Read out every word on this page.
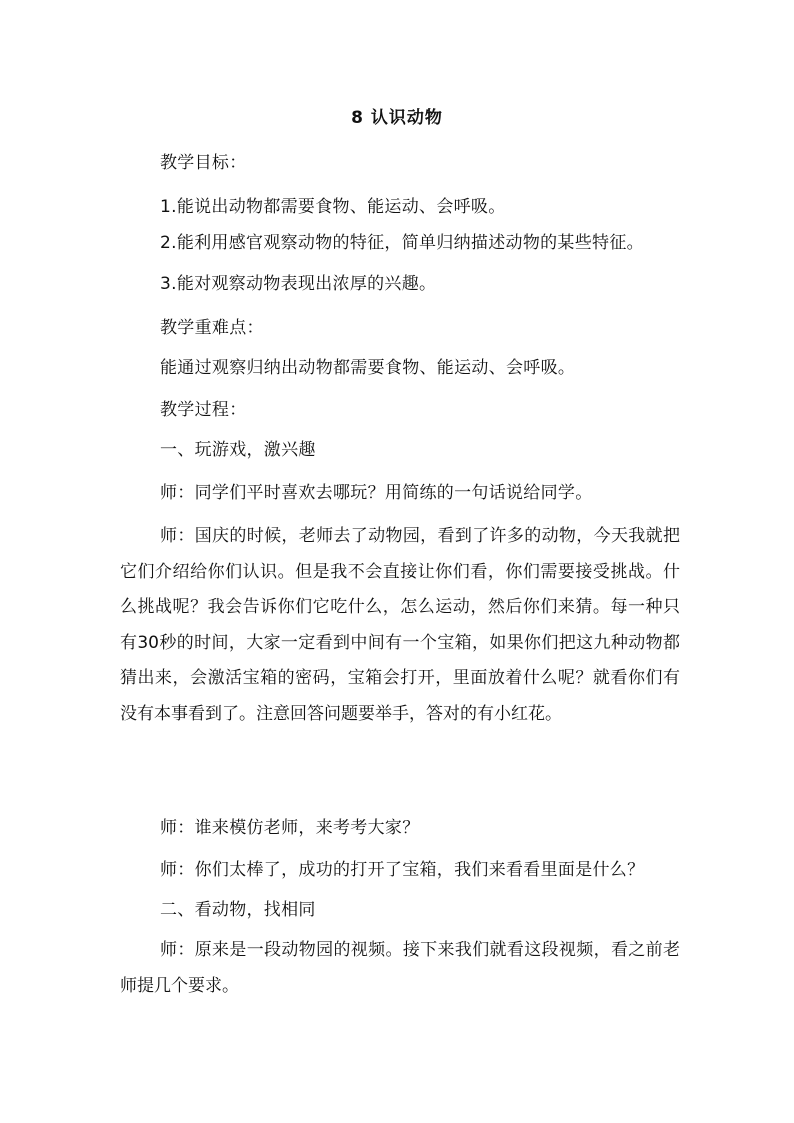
8 认识动物
教学目标：
1.能说出动物都需要食物、能运动、会呼吸。
2.能利用感官观察动物的特征，简单归纳描述动物的某些特征。
3.能对观察动物表现出浓厚的兴趣。
教学重难点：
能通过观察归纳出动物都需要食物、能运动、会呼吸。
教学过程：
一、玩游戏，激兴趣
师：同学们平时喜欢去哪玩？用简练的一句话说给同学。
师：国庆的时候，老师去了动物园，看到了许多的动物，今天我就把它们介绍给你们认识。但是我不会直接让你们看，你们需要接受挑战。什么挑战呢？我会告诉你们它吃什么，怎么运动，然后你们来猜。每一种只有30秒的时间，大家一定看到中间有一个宝箱，如果你们把这九种动物都猜出来，会激活宝箱的密码，宝箱会打开，里面放着什么呢？就看你们有没有本事看到了。注意回答问题要举手，答对的有小红花。
师：谁来模仿老师，来考考大家？
师：你们太棒了，成功的打开了宝箱，我们来看看里面是什么？
二、看动物，找相同
师：原来是一段动物园的视频。接下来我们就看这段视频，看之前老师提几个要求。
